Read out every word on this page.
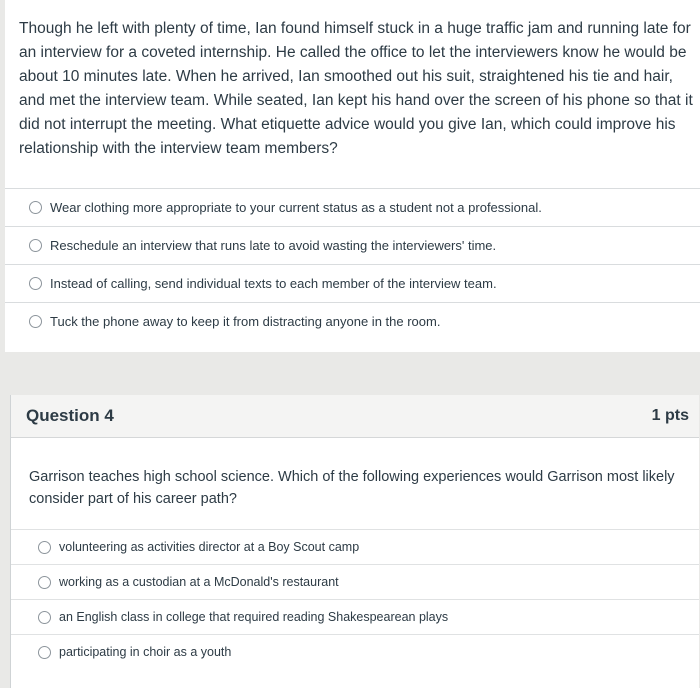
Though he left with plenty of time, Ian found himself stuck in a huge traffic jam and running late for an interview for a coveted internship. He called the office to let the interviewers know he would be about 10 minutes late. When he arrived, Ian smoothed out his suit, straightened his tie and hair, and met the interview team. While seated, Ian kept his hand over the screen of his phone so that it did not interrupt the meeting. What etiquette advice would you give Ian, which could improve his relationship with the interview team members?
Wear clothing more appropriate to your current status as a student not a professional.
Reschedule an interview that runs late to avoid wasting the interviewers' time.
Instead of calling, send individual texts to each member of the interview team.
Tuck the phone away to keep it from distracting anyone in the room.
Question 4	1 pts
Garrison teaches high school science. Which of the following experiences would Garrison most likely consider part of his career path?
volunteering as activities director at a Boy Scout camp
working as a custodian at a McDonald's restaurant
an English class in college that required reading Shakespearean plays
participating in choir as a youth
